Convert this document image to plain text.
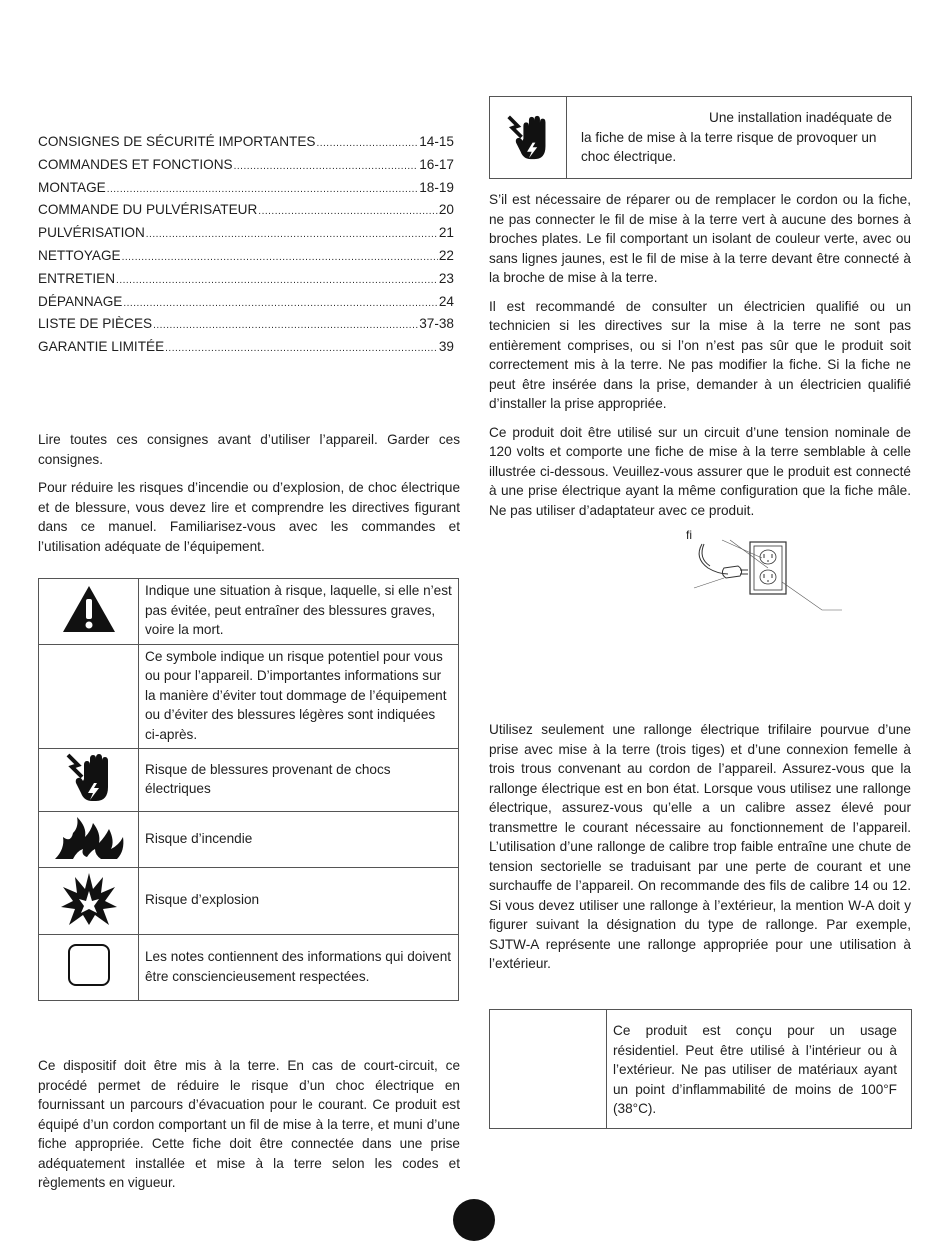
CONSIGNES DE SÉCURITÉ IMPORTANTES .....	14-15
COMMANDES ET FONCTIONS .....	16-17
MONTAGE .....	18-19
COMMANDE DU PULVÉRISATEUR .....	20
PULVÉRISATION .....	21
NETTOYAGE .....	22
ENTRETIEN .....	23
DÉPANNAGE .....	24
LISTE DE PIÈCES .....	37-38
GARANTIE LIMITÉE .....	39

Lire toutes ces consignes avant d’utiliser l’appareil. Garder ces consignes.

Pour réduire les risques d’incendie ou d’explosion, de choc électrique et de blessure, vous devez lire et comprendre les directives figurant dans ce manuel. Familiarisez-vous avec les commandes et l’utilisation adéquate de l’équipement.

	Indique une situation à risque, laquelle, si elle n’est pas évitée, peut entraîner des blessures graves, voire la mort.
	Ce symbole indique un risque potentiel pour vous ou pour l’appareil. D’importantes informations sur la manière d’éviter tout dommage de l’équipement ou d’éviter des blessures légères sont indiquées ci-après.
	Risque de blessures provenant de chocs électriques
	Risque d’incendie
	Risque d’explosion
	Les notes contiennent des informations qui doivent être consciencieusement respectées.

Ce dispositif doit être mis à la terre. En cas de court-circuit, ce procédé permet de réduire le risque d’un choc électrique en fournissant un parcours d’évacuation pour le courant. Ce produit est équipé d’un cordon comportant un fil de mise à la terre, et muni d’une fiche appropriée. Cette fiche doit être connectée dans une prise adéquatement installée et mise à la terre selon les codes et règlements en vigueur.

Une installation inadéquate de la fiche de mise à la terre risque de provoquer un choc électrique.

S’il est nécessaire de réparer ou de remplacer le cordon ou la fiche, ne pas connecter le fil de mise à la terre vert à aucune des bornes à broches plates. Le fil comportant un isolant de couleur verte, avec ou sans lignes jaunes, est le fil de mise à la terre devant être connecté à la broche de mise à la terre.

Il est recommandé de consulter un électricien qualifié ou un technicien si les directives sur la mise à la terre ne sont pas entièrement comprises, ou si l’on n’est pas sûr que le produit soit correctement mis à la terre. Ne pas modifier la fiche. Si la fiche ne peut être insérée dans la prise, demander à un électricien qualifié d’installer la prise appropriée.

Ce produit doit être utilisé sur un circuit d’une tension nominale de 120 volts et comporte une fiche de mise à la terre semblable à celle illustrée ci-dessous. Veuillez-vous assurer que le produit est connecté à une prise électrique ayant la même configuration que la fiche mâle. Ne pas utiliser d’adaptateur avec ce produit.

fi

Utilisez seulement une rallonge électrique trifilaire pourvue d’une prise avec mise à la terre (trois tiges) et d’une connexion femelle à trois trous convenant au cordon de l’appareil. Assurez-vous que la rallonge électrique est en bon état. Lorsque vous utilisez une rallonge électrique, assurez-vous qu’elle a un calibre assez élevé pour transmettre le courant nécessaire au fonctionnement de l’appareil. L’utilisation d’une rallonge de calibre trop faible entraîne une chute de tension sectorielle se traduisant par une perte de courant et une surchauffe de l’appareil. On recommande des fils de calibre 14 ou 12. Si vous devez utiliser une rallonge à l’extérieur, la mention W-A doit y figurer suivant la désignation du type de rallonge. Par exemple, SJTW-A représente une rallonge appropriée pour une utilisation à l’extérieur.

Ce produit est conçu pour un usage résidentiel. Peut être utilisé à l’intérieur ou à l’extérieur. Ne pas utiliser de matériaux ayant un point d’inflammabilité de moins de 100°F (38°C).
